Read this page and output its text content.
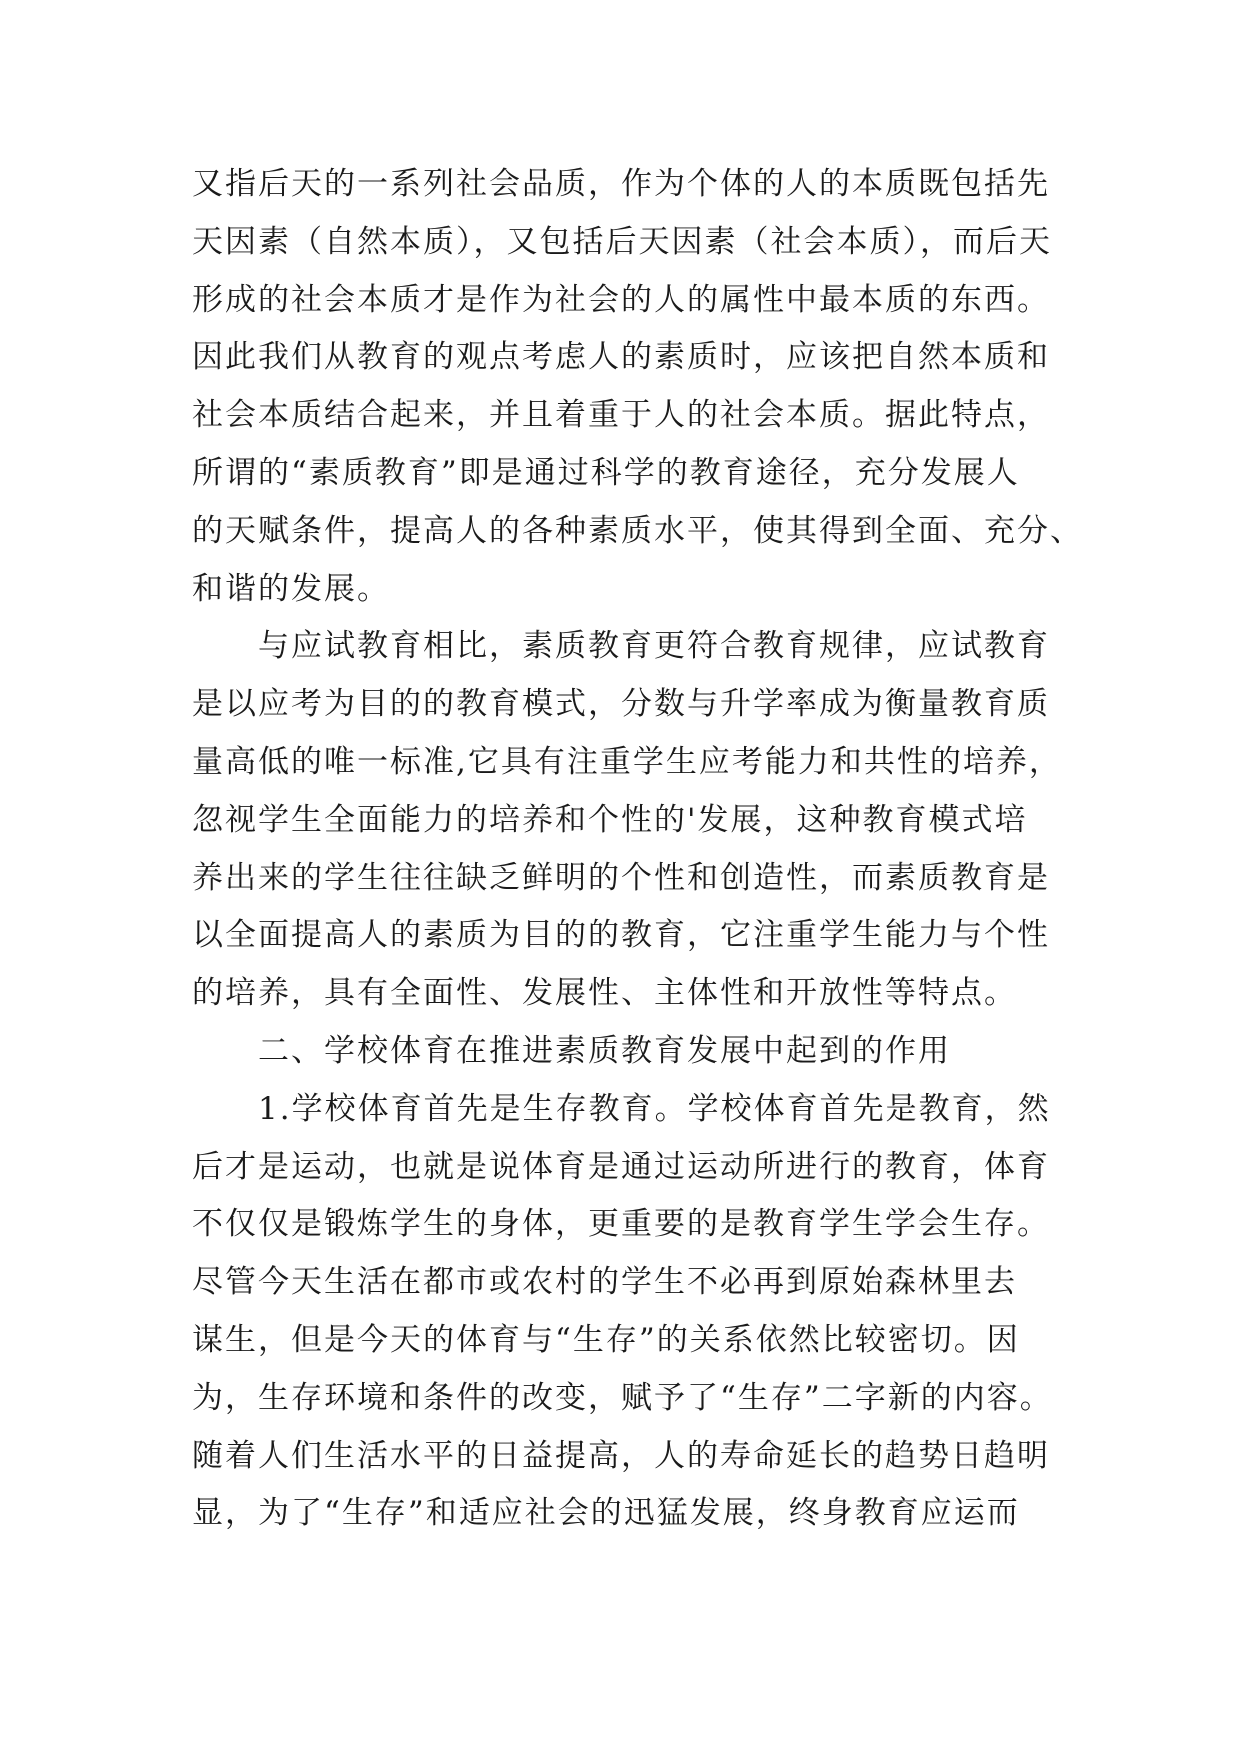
又指后天的一系列社会品质，作为个体的人的本质既包括先
天因素（自然本质），又包括后天因素（社会本质），而后天
形成的社会本质才是作为社会的人的属性中最本质的东西。
因此我们从教育的观点考虑人的素质时，应该把自然本质和
社会本质结合起来，并且着重于人的社会本质。据此特点，
所谓的“素质教育”即是通过科学的教育途径，充分发展人
的天赋条件，提高人的各种素质水平，使其得到全面、充分、
和谐的发展。
与应试教育相比，素质教育更符合教育规律，应试教育
是以应考为目的的教育模式，分数与升学率成为衡量教育质
量高低的唯一标准,它具有注重学生应考能力和共性的培养，
忽视学生全面能力的培养和个性的'发展，这种教育模式培
养出来的学生往往缺乏鲜明的个性和创造性，而素质教育是
以全面提高人的素质为目的的教育，它注重学生能力与个性
的培养，具有全面性、发展性、主体性和开放性等特点。
二、学校体育在推进素质教育发展中起到的作用
1.学校体育首先是生存教育。学校体育首先是教育，然
后才是运动，也就是说体育是通过运动所进行的教育，体育
不仅仅是锻炼学生的身体，更重要的是教育学生学会生存。
尽管今天生活在都市或农村的学生不必再到原始森林里去
谋生，但是今天的体育与“生存”的关系依然比较密切。因
为，生存环境和条件的改变，赋予了“生存”二字新的内容。
随着人们生活水平的日益提高，人的寿命延长的趋势日趋明
显，为了“生存”和适应社会的迅猛发展，终身教育应运而
